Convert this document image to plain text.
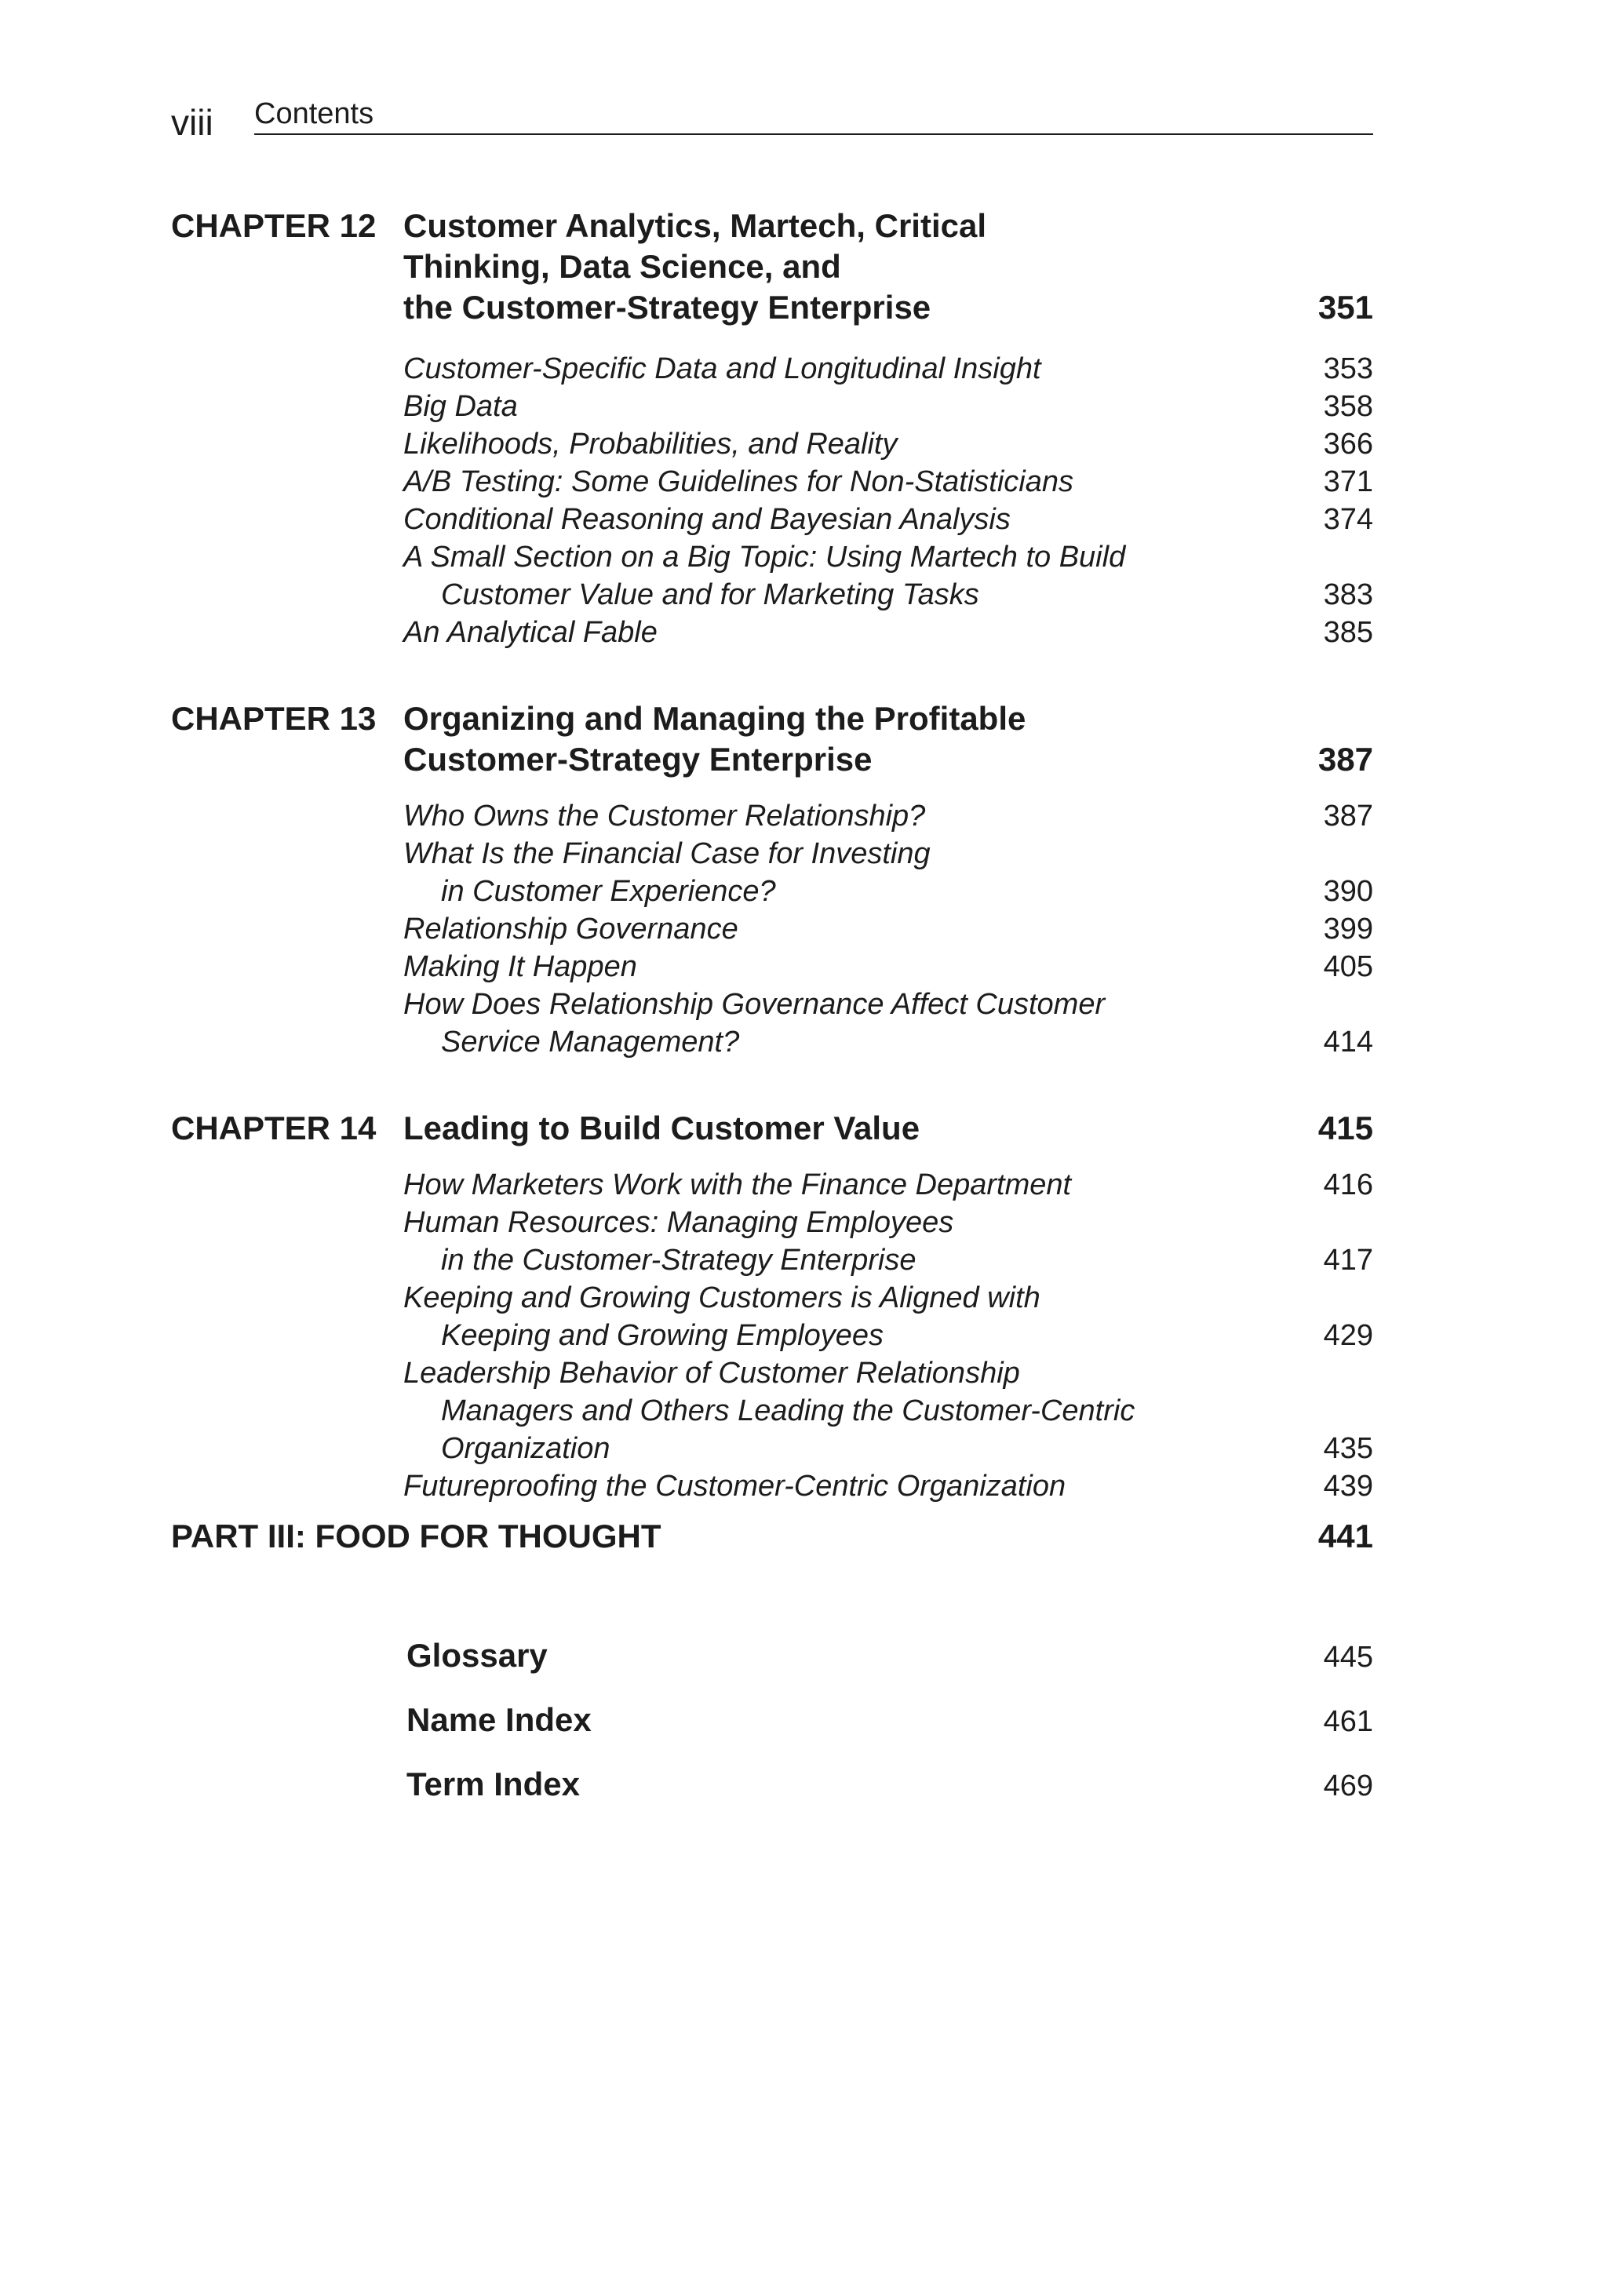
viii Contents
CHAPTER 12 Customer Analytics, Martech, Critical
Thinking, Data Science, and
the Customer-Strategy Enterprise	351
Customer-Specific Data and Longitudinal Insight	353
Big Data	358
Likelihoods, Probabilities, and Reality	366
A/B Testing: Some Guidelines for Non-Statisticians	371
Conditional Reasoning and Bayesian Analysis	374
A Small Section on a Big Topic: Using Martech to Build
Customer Value and for Marketing Tasks	383
An Analytical Fable	385
CHAPTER 13 Organizing and Managing the Profitable
Customer-Strategy Enterprise	387
Who Owns the Customer Relationship?	387
What Is the Financial Case for Investing
in Customer Experience?	390
Relationship Governance	399
Making It Happen	405
How Does Relationship Governance Affect Customer
Service Management?	414
CHAPTER 14 Leading to Build Customer Value	415
How Marketers Work with the Finance Department	416
Human Resources: Managing Employees
in the Customer-Strategy Enterprise	417
Keeping and Growing Customers is Aligned with
Keeping and Growing Employees	429
Leadership Behavior of Customer Relationship
Managers and Others Leading the Customer-Centric
Organization	435
Futureproofing the Customer-Centric Organization	439
PART III: FOOD FOR THOUGHT	441
Glossary	445
Name Index	461
Term Index	469
